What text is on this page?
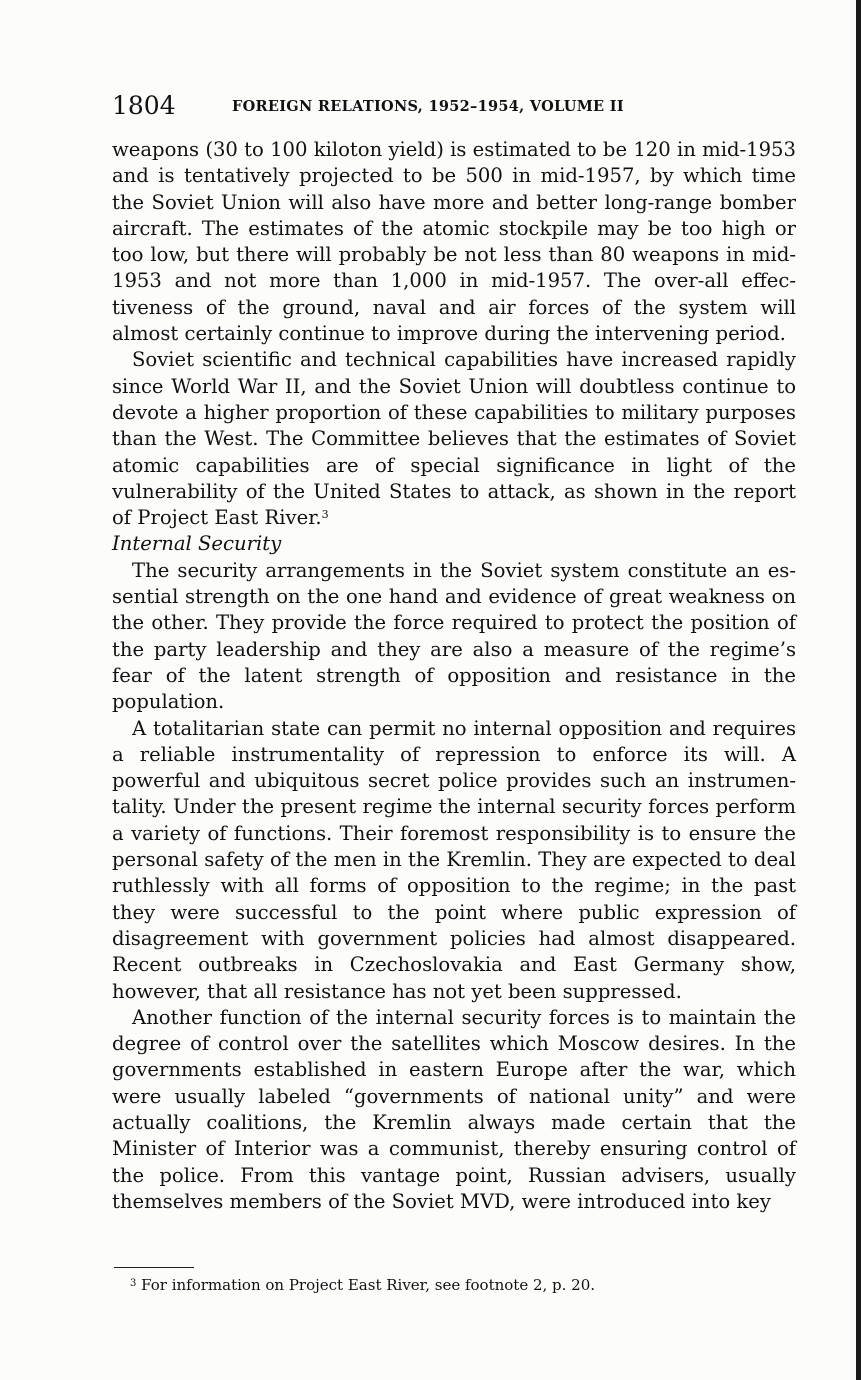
1804	FOREIGN RELATIONS, 1952–1954, VOLUME II

weapons (30 to 100 kiloton yield) is estimated to be 120 in mid-1953 and is tentatively projected to be 500 in mid-1957, by which time the Soviet Union will also have more and better long-range bomber aircraft. The estimates of the atomic stockpile may be too high or too low, but there will probably be not less than 80 weapons in mid-1953 and not more than 1,000 in mid-1957. The over-all effectiveness of the ground, naval and air forces of the system will almost certainly continue to improve during the intervening period.

Soviet scientific and technical capabilities have increased rapidly since World War II, and the Soviet Union will doubtless continue to devote a higher proportion of these capabilities to military purposes than the West. The Committee believes that the estimates of Soviet atomic capabilities are of special significance in light of the vulnerability of the United States to attack, as shown in the report of Project East River.$^3$

Internal Security

The security arrangements in the Soviet system constitute an essential strength on the one hand and evidence of great weakness on the other. They provide the force required to protect the position of the party leadership and they are also a measure of the regime’s fear of the latent strength of opposition and resistance in the population.

A totalitarian state can permit no internal opposition and requires a reliable instrumentality of repression to enforce its will. A powerful and ubiquitous secret police provides such an instrumentality. Under the present regime the internal security forces perform a variety of functions. Their foremost responsibility is to ensure the personal safety of the men in the Kremlin. They are expected to deal ruthlessly with all forms of opposition to the regime; in the past they were successful to the point where public expression of disagreement with government policies had almost disappeared. Recent outbreaks in Czechoslovakia and East Germany show, however, that all resistance has not yet been suppressed.

Another function of the internal security forces is to maintain the degree of control over the satellites which Moscow desires. In the governments established in eastern Europe after the war, which were usually labeled “governments of national unity” and were actually coalitions, the Kremlin always made certain that the Minister of Interior was a communist, thereby ensuring control of the police. From this vantage point, Russian advisers, usually themselves members of the Soviet MVD, were introduced into key

$^3$ For information on Project East River, see footnote 2, p. 20.
